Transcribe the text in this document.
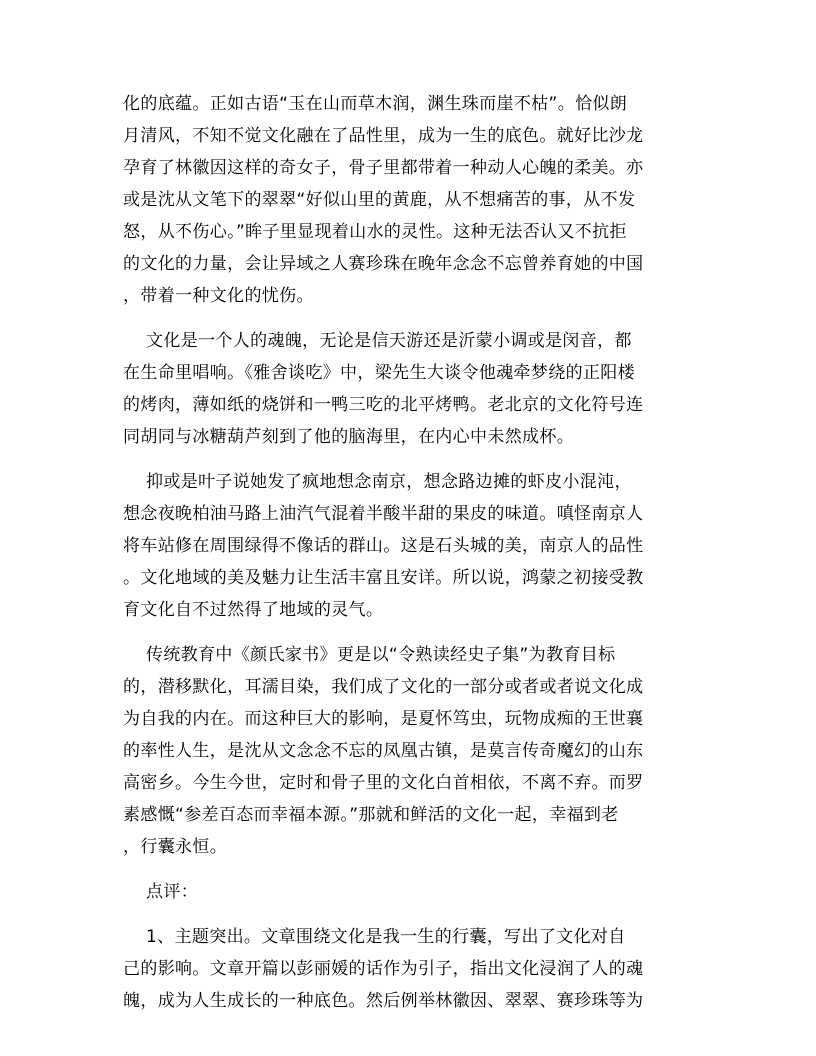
化的底蕴。正如古语“玉在山而草木润，渊生珠而崖不枯”。恰似朗
月清风，不知不觉文化融在了品性里，成为一生的底色。就好比沙龙
孕育了林徽因这样的奇女子，骨子里都带着一种动人心魄的柔美。亦
或是沈从文笔下的翠翠“好似山里的黄鹿，从不想痛苦的事，从不发
怒，从不伤心。”眸子里显现着山水的灵性。这种无法否认又不抗拒
的文化的力量，会让异域之人赛珍珠在晚年念念不忘曾养育她的中国
，带着一种文化的忧伤。
文化是一个人的魂魄，无论是信天游还是沂蒙小调或是闵音，都
在生命里唱响。《雅舍谈吃》中，梁先生大谈令他魂牵梦绕的正阳楼
的烤肉，薄如纸的烧饼和一鸭三吃的北平烤鸭。老北京的文化符号连
同胡同与冰糖葫芦刻到了他的脑海里，在内心中未然成杯。
抑或是叶子说她发了疯地想念南京，想念路边摊的虾皮小混沌，
想念夜晚柏油马路上油汽气混着半酸半甜的果皮的味道。嗔怪南京人
将车站修在周围绿得不像话的群山。这是石头城的美，南京人的品性
。文化地域的美及魅力让生活丰富且安详。所以说，鸿蒙之初接受教
育文化自不过然得了地域的灵气。
传统教育中《颜氏家书》更是以“令熟读经史子集”为教育目标
的，潜移默化，耳濡目染，我们成了文化的一部分或者或者说文化成
为自我的内在。而这种巨大的影响，是夏怀笃虫，玩物成痴的王世襄
的率性人生，是沈从文念念不忘的凤凰古镇，是莫言传奇魔幻的山东
高密乡。今生今世，定时和骨子里的文化白首相依，不离不弃。而罗
素感慨“参差百态而幸福本源。”那就和鲜活的文化一起，幸福到老
，行囊永恒。
点评：
1、主题突出。文章围绕文化是我一生的行囊，写出了文化对自
己的影响。文章开篇以彭丽媛的话作为引子，指出文化浸润了人的魂
魄，成为人生成长的一种底色。然后例举林徽因、翠翠、赛珍珠等为
